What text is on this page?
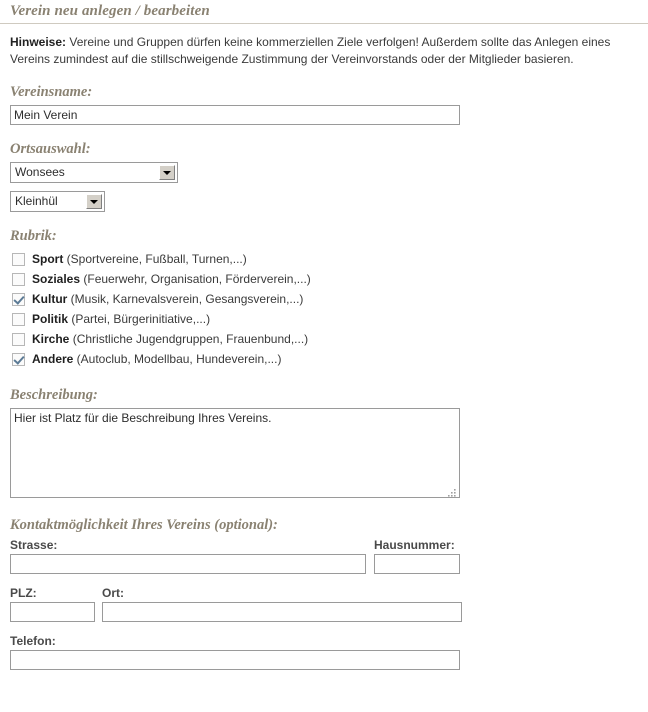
Verein neu anlegen / bearbeiten

Hinweise: Vereine und Gruppen dürfen keine kommerziellen Ziele verfolgen! Außerdem sollte das Anlegen eines Vereins zumindest auf die stillschweigende Zustimmung der Vereinvorstands oder der Mitglieder basieren.

Vereinsname:
Mein Verein
Ortsauswahl:
Wonsees
Kleinhül
Rubrik:
Sport (Sportvereine, Fußball, Turnen,...)
Soziales (Feuerwehr, Organisation, Förderverein,...)
Kultur (Musik, Karnevalsverein, Gesangsverein,...)
Politik (Partei, Bürgerinitiative,...)
Kirche (Christliche Jugendgruppen, Frauenbund,...)
Andere (Autoclub, Modellbau, Hundeverein,...)
Beschreibung:
Hier ist Platz für die Beschreibung Ihres Vereins.
Kontaktmöglichkeit Ihres Vereins (optional):
Strasse:	Hausnummer:
PLZ:	Ort:
Telefon:
